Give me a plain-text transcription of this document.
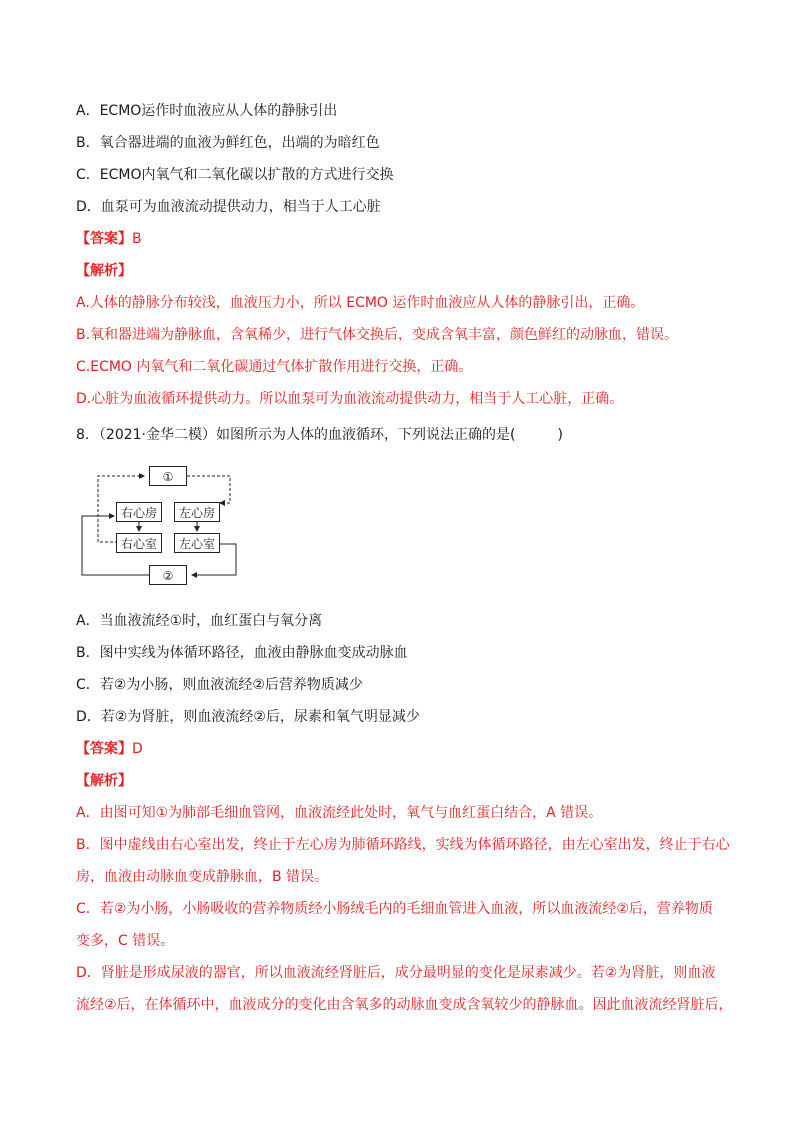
A．ECMO运作时血液应从人体的静脉引出
B．氧合器进端的血液为鲜红色，出端的为暗红色
C．ECMO内氧气和二氧化碳以扩散的方式进行交换
D．血泵可为血液流动提供动力，相当于人工心脏
【答案】B
【解析】
A.人体的静脉分布较浅，血液压力小，所以 ECMO 运作时血液应从人体的静脉引出，正确。
B.氧和器进端为静脉血，含氧稀少，进行气体交换后，变成含氧丰富，颜色鲜红的动脉血，错误。
C.ECMO 内氧气和二氧化碳通过气体扩散作用进行交换，正确。
D.心脏为血液循环提供动力。所以血泵可为血液流动提供动力，相当于人工心脏，正确。
8．（2021·金华二模）如图所示为人体的血液循环，下列说法正确的是(　　　)
①
右心房	左心房
右心室	左心室
②
A．当血液流经①时，血红蛋白与氧分离
B．图中实线为体循环路径，血液由静脉血变成动脉血
C．若②为小肠，则血液流经②后营养物质减少
D．若②为肾脏，则血液流经②后，尿素和氧气明显减少
【答案】D
【解析】
A．由图可知①为肺部毛细血管网，血液流经此处时，氧气与血红蛋白结合，A 错误。
B．图中虚线由右心室出发，终止于左心房为肺循环路线，实线为体循环路径，由左心室出发，终止于右心
房，血液由动脉血变成静脉血，B 错误。
C．若②为小肠，小肠吸收的营养物质经小肠绒毛内的毛细血管进入血液，所以血液流经②后，营养物质
变多，C 错误。
D．肾脏是形成尿液的器官，所以血液流经肾脏后，成分最明显的变化是尿素减少。若②为肾脏，则血液
流经②后，在体循环中，血液成分的变化由含氧多的动脉血变成含氧较少的静脉血。因此血液流经肾脏后，
